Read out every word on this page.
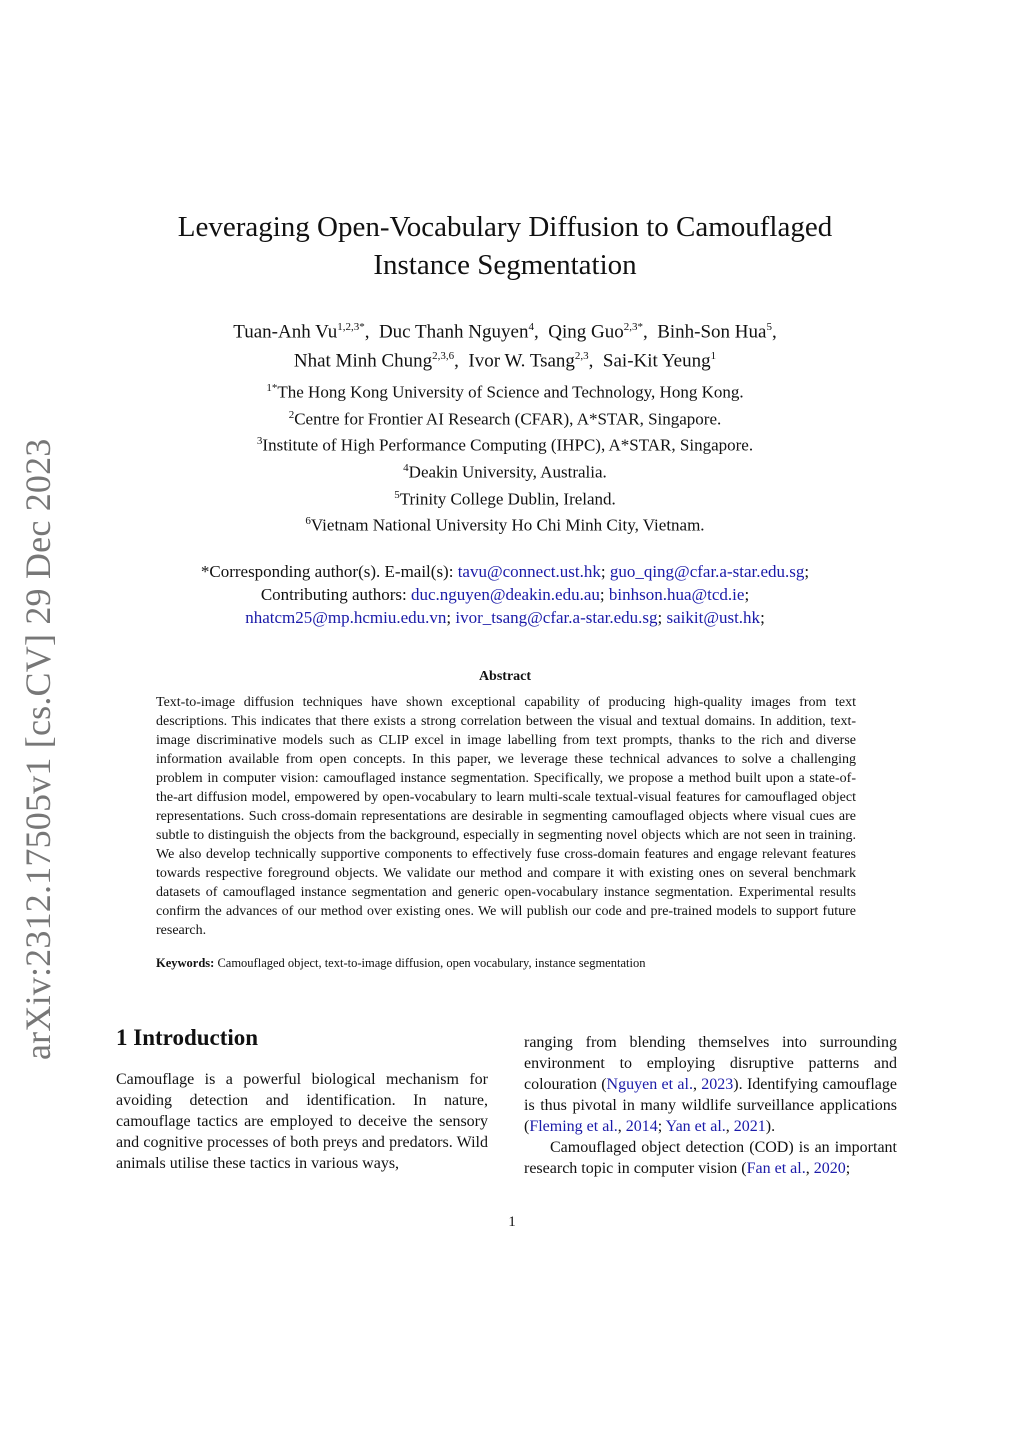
arXiv:2312.17505v1 [cs.CV] 29 Dec 2023
Leveraging Open-Vocabulary Diffusion to Camouflaged
Instance Segmentation
Tuan-Anh $Vu^{1,2,3*}$,  Duc Thanh Nguyen$^4$,  Qing Guo$^{2,3*}$,  Binh-Son Hua$^5$,
Nhat Minh Chung$^{2,3,6}$,  Ivor W. Tsang$^{2,3}$,  Sai-Kit Yeung$^1$
$^{1*}$The Hong Kong University of Science and Technology, Hong Kong.
$^2$Centre for Frontier AI Research (CFAR), A*STAR, Singapore.
$^3$Institute of High Performance Computing (IHPC), A*STAR, Singapore.
$^4$Deakin University, Australia.
$^5$Trinity College Dublin, Ireland.
$^6$Vietnam National University Ho Chi Minh City, Vietnam.
*Corresponding author(s). E-mail(s): tavu@connect.ust.hk; guo_qing@cfar.a-star.edu.sg;
Contributing authors: duc.nguyen@deakin.edu.au; binhson.hua@tcd.ie;
nhatcm25@mp.hcmiu.edu.vn; ivor_tsang@cfar.a-star.edu.sg; saikit@ust.hk;
Abstract
Text-to-image diffusion techniques have shown exceptional capability of producing high-quality images from text descriptions. This indicates that there exists a strong correlation between the visual and textual domains. In addition, text-image discriminative models such as CLIP excel in image labelling from text prompts, thanks to the rich and diverse information available from open concepts. In this paper, we leverage these technical advances to solve a challenging problem in computer vision: camouflaged instance segmentation. Specifically, we propose a method built upon a state-of-the-art diffusion model, empowered by open-vocabulary to learn multi-scale textual-visual features for camouflaged object representations. Such cross-domain representations are desirable in segmenting camouflaged objects where visual cues are subtle to distinguish the objects from the background, especially in segmenting novel objects which are not seen in training. We also develop technically supportive components to effectively fuse cross-domain features and engage relevant features towards respective foreground objects. We validate our method and compare it with existing ones on several benchmark datasets of camouflaged instance segmentation and generic open-vocabulary instance segmentation. Experimental results confirm the advances of our method over existing ones. We will publish our code and pre-trained models to support future research.
Keywords: Camouflaged object, text-to-image diffusion, open vocabulary, instance segmentation
1 Introduction

Camouflage is a powerful biological mechanism for avoiding detection and identification. In nature, camouflage tactics are employed to deceive the sensory and cognitive processes of both preys and predators. Wild animals utilise these tactics in various ways,

ranging from blending themselves into surrounding environment to employing disruptive patterns and colouration (Nguyen et al., 2023). Identifying camouflage is thus pivotal in many wildlife surveillance applications (Fleming et al., 2014; Yan et al., 2021).

Camouflaged object detection (COD) is an important research topic in computer vision (Fan et al., 2020;

1
